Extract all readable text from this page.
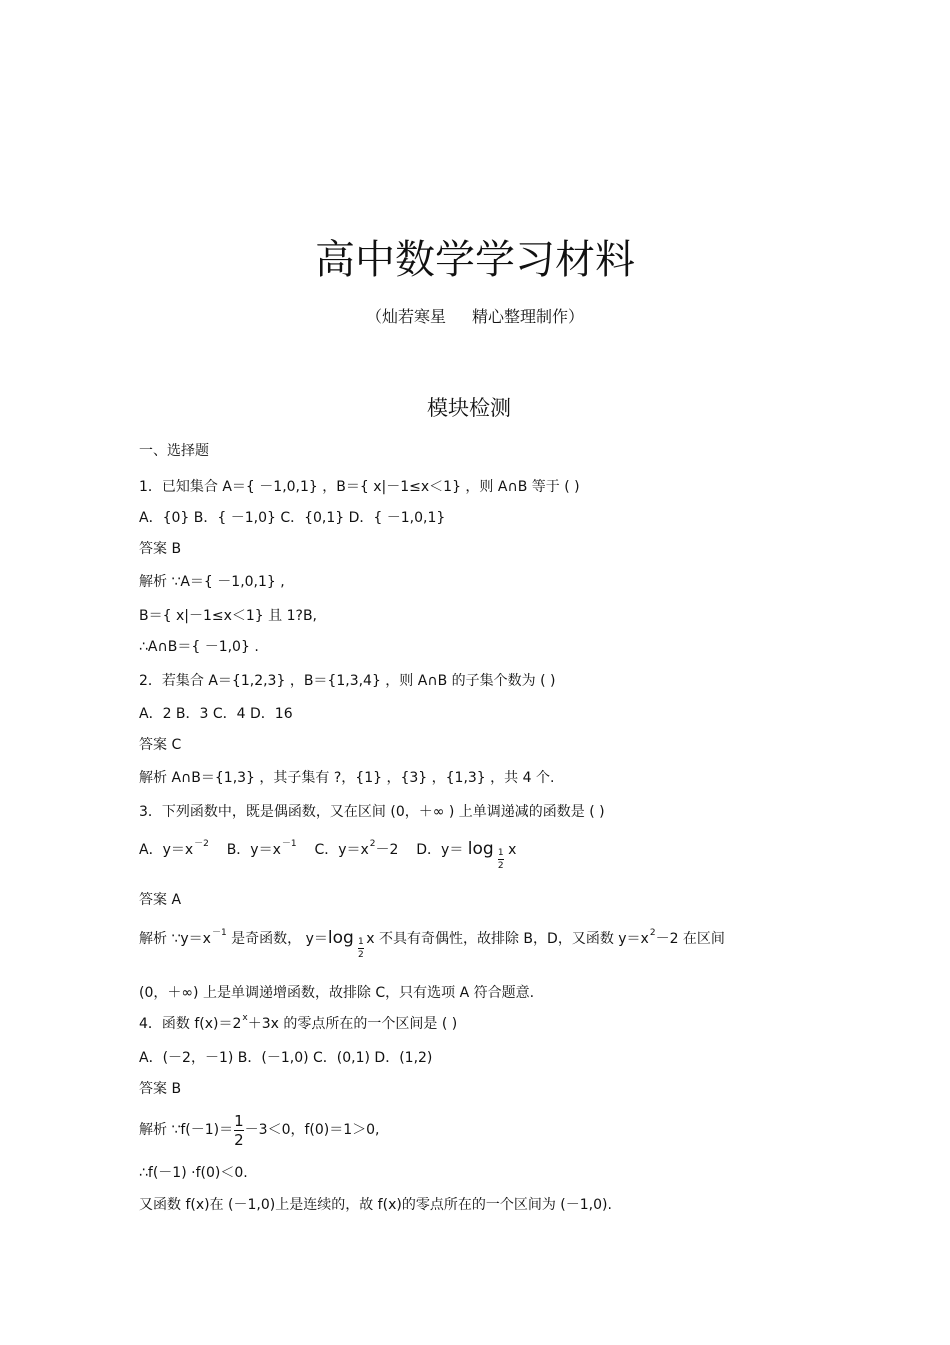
高中数学学习材料
（灿若寒星 精心整理制作）
模块检测
一、选择题
1．已知集合 A＝{ －1,0,1} ，B＝{ x|－1≤x＜1} ，则 A∩B 等于 ( )
A．{0} B．{ －1,0} C．{0,1} D．{ －1,0,1}
答案 B
解析 ∵A＝{ －1,0,1} ,
B＝{ x|－1≤x＜1} 且 1?B,
∴A∩B＝{ －1,0} .
2．若集合 A＝{1,2,3} ，B＝{1,3,4} ，则 A∩B 的子集个数为 ( )
A．2 B．3 C．4 D．16
答案 C
解析 A∩B＝{1,3} ，其子集有 ?，{1} ，{3} ，{1,3} ，共 4 个.
3．下列函数中，既是偶函数，又在区间 (0，＋∞ ) 上单调递减的函数是 ( )
A．$y=x^{-2}$ B．$y=x^{-1}$ C．$y=x^2-2$ D．y＝ log 1
2
x
答案 A
解析 $\because y=x^{-1}$ 是奇函数， y＝log 1
2
x 不具有奇偶性，故排除 B，D，又函数 $y=x^2-2$ 在区间
(0，＋∞) 上是单调递增函数，故排除 C，只有选项 A 符合题意.
4．函数 $f(x)=2^x+3x$ 的零点所在的一个区间是 ( )
A．(－2，－1) B．(－1,0) C．(0,1) D．(1,2)
答案 B
解析 ∵f(－1)＝ $\frac{1}{2} -3<0$，f(0)＝1＞0,
∴f(－1) ·f(0)＜0.
又函数 f(x)在 (－1,0)上是连续的，故 f(x)的零点所在的一个区间为 (－1,0).
